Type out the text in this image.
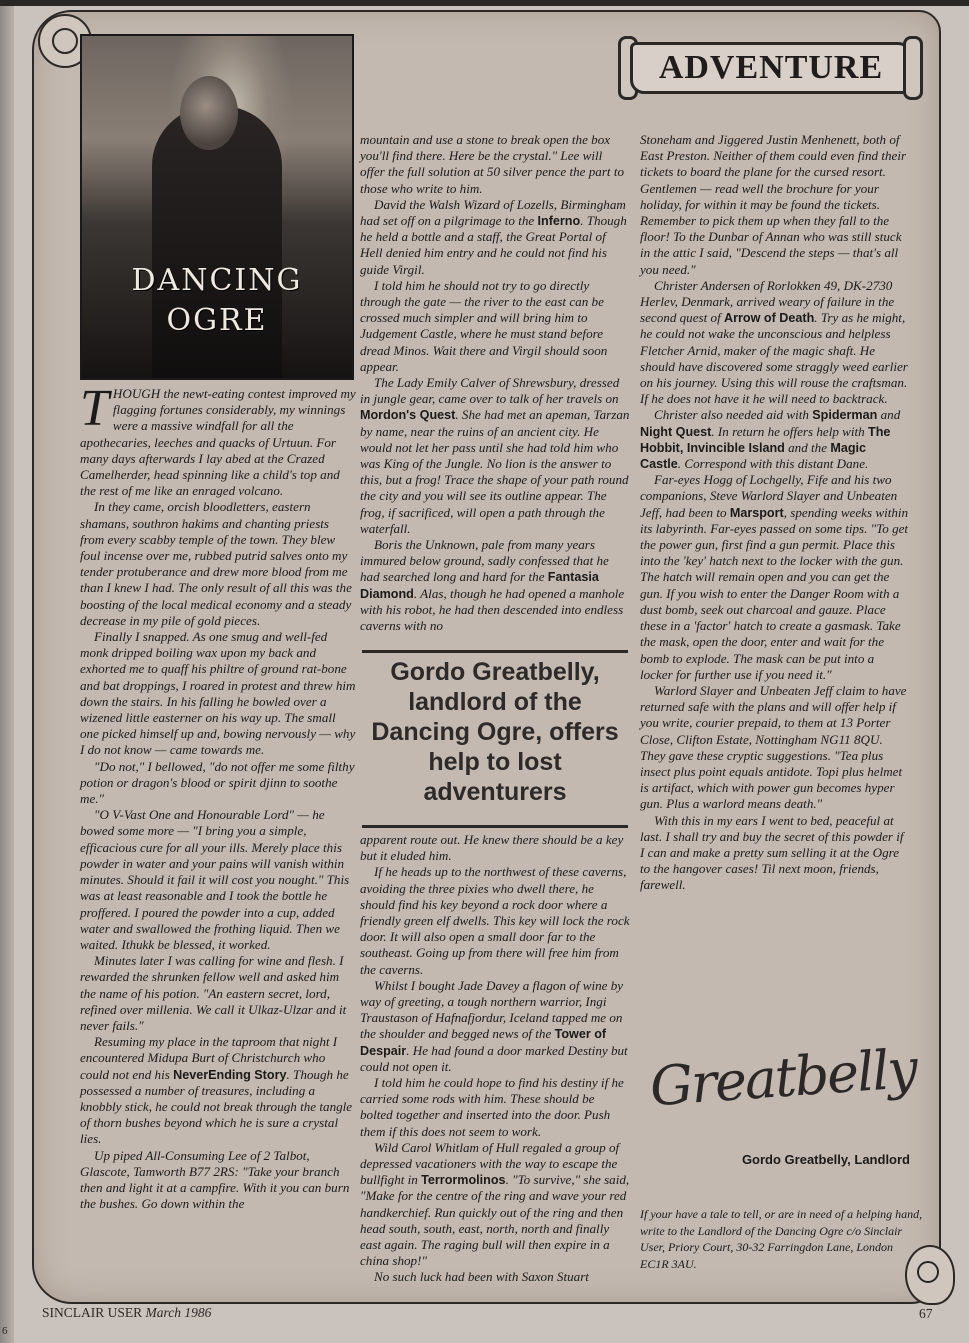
ADVENTURE
DANCING OGRE

THOUGH the newt-eating contest improved my flagging fortunes considerably, my winnings were a massive windfall for all the apothecaries, leeches and quacks of Urtuun. For many days afterwards I lay abed at the Crazed Camelherder, head spinning like a child's top and the rest of me like an enraged volcano.

In they came, orcish bloodletters, eastern shamans, southron hakims and chanting priests from every scabby temple of the town. They blew foul incense over me, rubbed putrid salves onto my tender protuberance and drew more blood from me than I knew I had. The only result of all this was the boosting of the local medical economy and a steady decrease in my pile of gold pieces.

Finally I snapped. As one smug and well-fed monk dripped boiling wax upon my back and exhorted me to quaff his philtre of ground rat-bone and bat droppings, I roared in protest and threw him down the stairs. In his falling he bowled over a wizened little easterner on his way up. The small one picked himself up and, bowing nervously — why I do not know — came towards me.

"Do not," I bellowed, "do not offer me some filthy potion or dragon's blood or spirit djinn to soothe me."

"O V-Vast One and Honourable Lord" — he bowed some more — "I bring you a simple, efficacious cure for all your ills. Merely place this powder in water and your pains will vanish within minutes. Should it fail it will cost you nought." This was at least reasonable and I took the bottle he proffered. I poured the powder into a cup, added water and swallowed the frothing liquid. Then we waited. Ithukk be blessed, it worked.

Minutes later I was calling for wine and flesh. I rewarded the shrunken fellow well and asked him the name of his potion. "An eastern secret, lord, refined over millenia. We call it Ulkaz-Ulzar and it never fails."

Resuming my place in the taproom that night I encountered Midupa Burt of Christchurch who could not end his NeverEnding Story. Though he possessed a number of treasures, including a knobbly stick, he could not break through the tangle of thorn bushes beyond which he is sure a crystal lies.

Up piped All-Consuming Lee of 2 Talbot, Glascote, Tamworth B77 2RS: "Take your branch then and light it at a campfire. With it you can burn the bushes. Go down within the

mountain and use a stone to break open the box you'll find there. Here be the crystal." Lee will offer the full solution at 50 silver pence the part to those who write to him.

David the Walsh Wizard of Lozells, Birmingham had set off on a pilgrimage to the Inferno. Though he held a bottle and a staff, the Great Portal of Hell denied him entry and he could not find his guide Virgil.

I told him he should not try to go directly through the gate — the river to the east can be crossed much simpler and will bring him to Judgement Castle, where he must stand before dread Minos. Wait there and Virgil should soon appear.

The Lady Emily Calver of Shrewsbury, dressed in jungle gear, came over to talk of her travels on Mordon's Quest. She had met an apeman, Tarzan by name, near the ruins of an ancient city. He would not let her pass until she had told him who was King of the Jungle. No lion is the answer to this, but a frog! Trace the shape of your path round the city and you will see its outline appear. The frog, if sacrificed, will open a path through the waterfall.

Boris the Unknown, pale from many years immured below ground, sadly confessed that he had searched long and hard for the Fantasia Diamond. Alas, though he had opened a manhole with his robot, he had then descended into endless caverns with no

Gordo Greatbelly, landlord of the Dancing Ogre, offers help to lost adventurers

apparent route out. He knew there should be a key but it eluded him.

If he heads up to the northwest of these caverns, avoiding the three pixies who dwell there, he should find his key beyond a rock door where a friendly green elf dwells. This key will lock the rock door. It will also open a small door far to the southeast. Going up from there will free him from the caverns.

Whilst I bought Jade Davey a flagon of wine by way of greeting, a tough northern warrior, Ingi Traustason of Hafnafjordur, Iceland tapped me on the shoulder and begged news of the Tower of Despair. He had found a door marked Destiny but could not open it.

I told him he could hope to find his destiny if he carried some rods with him. These should be bolted together and inserted into the door. Push them if this does not seem to work.

Wild Carol Whitlam of Hull regaled a group of depressed vacationers with the way to escape the bullfight in Terrormolinos. "To survive," she said, "Make for the centre of the ring and wave your red handkerchief. Run quickly out of the ring and then head south, south, east, north, north and finally east again. The raging bull will then expire in a china shop!"

No such luck had been with Saxon Stuart

Stoneham and Jiggered Justin Menhenett, both of East Preston. Neither of them could even find their tickets to board the plane for the cursed resort. Gentlemen — read well the brochure for your holiday, for within it may be found the tickets. Remember to pick them up when they fall to the floor! To the Dunbar of Annan who was still stuck in the attic I said, "Descend the steps — that's all you need."

Christer Andersen of Rorlokken 49, DK-2730 Herlev, Denmark, arrived weary of failure in the second quest of Arrow of Death. Try as he might, he could not wake the unconscious and helpless Fletcher Arnid, maker of the magic shaft. He should have discovered some straggly weed earlier on his journey. Using this will rouse the craftsman. If he does not have it he will need to backtrack.

Christer also needed aid with Spiderman and Night Quest. In return he offers help with The Hobbit, Invincible Island and the Magic Castle. Correspond with this distant Dane.

Far-eyes Hogg of Lochgelly, Fife and his two companions, Steve Warlord Slayer and Unbeaten Jeff, had been to Marsport, spending weeks within its labyrinth. Far-eyes passed on some tips. "To get the power gun, first find a gun permit. Place this into the 'key' hatch next to the locker with the gun. The hatch will remain open and you can get the gun. If you wish to enter the Danger Room with a dust bomb, seek out charcoal and gauze. Place these in a 'factor' hatch to create a gasmask. Take the mask, open the door, enter and wait for the bomb to explode. The mask can be put into a locker for further use if you need it."

Warlord Slayer and Unbeaten Jeff claim to have returned safe with the plans and will offer help if you write, courier prepaid, to them at 13 Porter Close, Clifton Estate, Nottingham NG11 8QU. They gave these cryptic suggestions. "Tea plus insect plus point equals antidote. Topi plus helmet is artifact, which with power gun becomes hyper gun. Plus a warlord means death."

With this in my ears I went to bed, peaceful at last. I shall try and buy the secret of this powder if I can and make a pretty sum selling it at the Ogre to the hangover cases! Til next moon, friends, farewell.

Greatbelly
Gordo Greatbelly, Landlord
If your have a tale to tell, or are in need of a helping hand, write to the Landlord of the Dancing Ogre c/o Sinclair User, Priory Court, 30-32 Farringdon Lane, London EC1R 3AU.
SINCLAIR USER March 1986	67
6
